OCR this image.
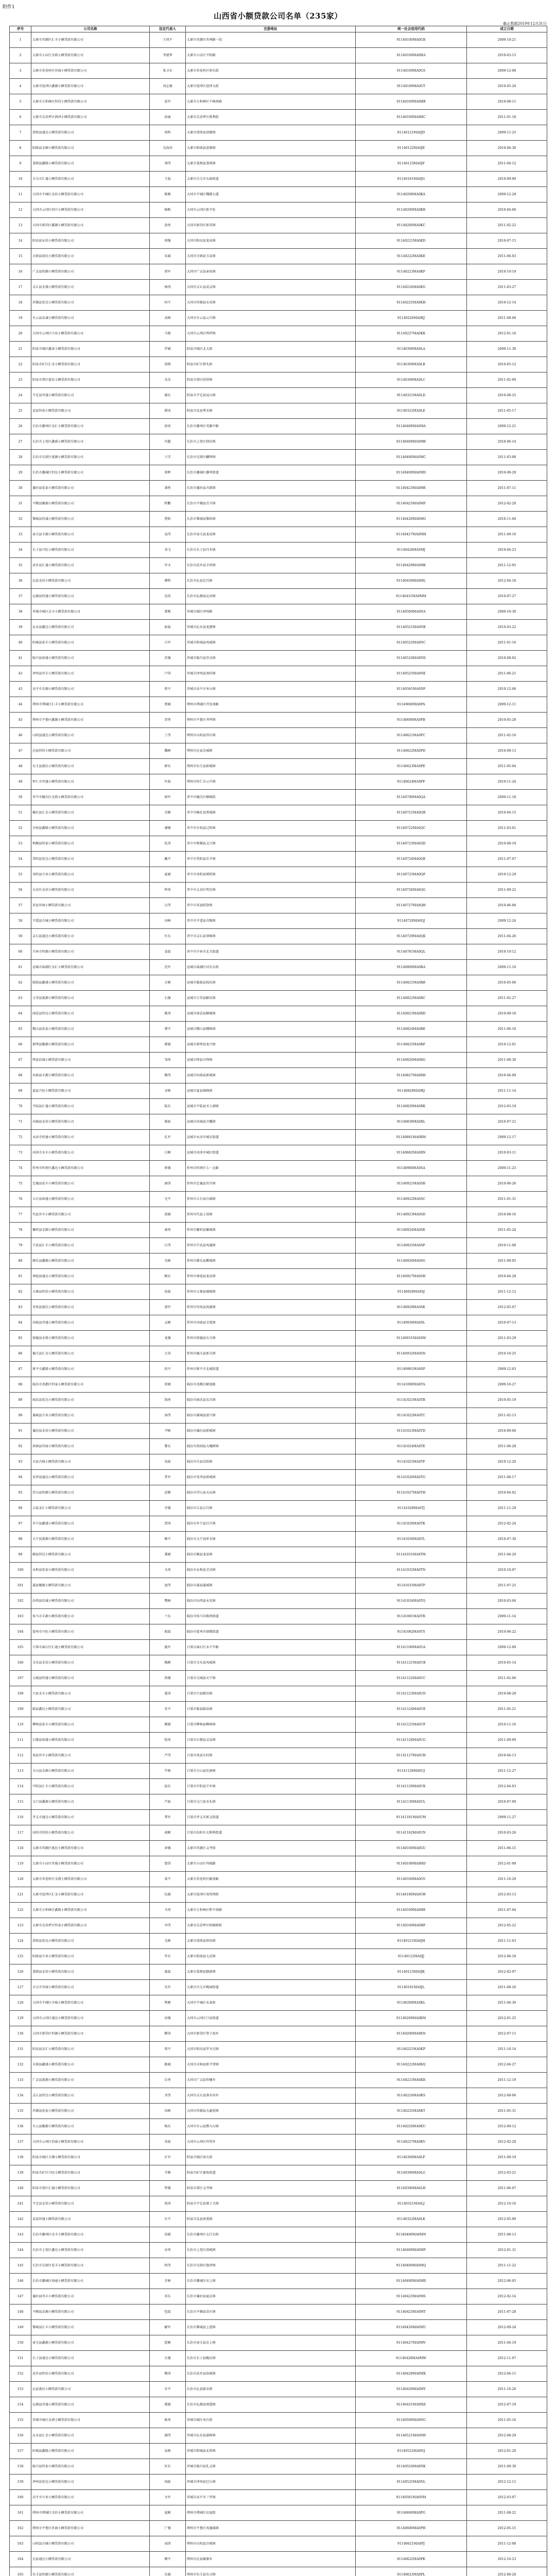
附件1
山西省小额贷款公司名单（235家）
截止数据2019年12月31日
序号	公司名称	法定代表人	注册地址	统一社会信用代码	成立日期
1	太原市晋源区汇丰小额贷款有限公司	王国平	太原市晋源区晋祠路一段	91140100MA0GR	2009-10-21
2	太原市小店区金鼎小额贷款有限公司	李建华	太原市小店区平阳路	91140100MA0HA	2010-03-15
3	太原市杏花岭区晋商小额贷款有限公司	张卫东	太原市杏花岭区府东街	91140100MA0GS	2009-12-08
4	太原市迎泽区鑫源小额贷款有限公司	刘志强	太原市迎泽区迎泽大街	91140100MA0GT	2010-05-20
5	太原市万柏林区恒信小额贷款有限公司	赵军	太原市万柏林区千峰南路	91140100MA0HB	2010-08-11
6	太原市尖草坪区润泽小额贷款有限公司	孙丽	太原市尖草坪区胜利街	91140100MA0HC	2011-01-18
7	清徐县通达小额贷款有限公司	周明	太原市清徐县清源镇	91140121MA0JD	2009-11-25
8	阳曲县金源小额贷款有限公司	吴海涛	太原市阳曲县黄寨镇	91140122MA0JE	2010-06-30
9	娄烦县鑫隆小额贷款有限公司	郑伟	太原市娄烦县娄烦镇	91140123MA0JF	2011-04-12
10	古交市汇通小额贷款有限公司	王磊	太原市古交市东曲街道	91140181MA0JG	2010-09-09
11	大同市平城区金信小额贷款有限公司	陈刚	大同市平城区魏都大道	91140200MA0KA	2009-12-28
12	大同市云冈区同兴小额贷款有限公司	杨帆	大同市云冈区新平旺	91140200MA0KB	2010-04-06
13	大同市新荣区鑫源小额贷款有限公司	黄勇	大同市新荣区新荣镇	91140200MA0KC	2011-02-22
14	阳高县永信小额贷款有限公司	徐强	大同市阳高县龙泉镇	91140221MA0KD	2010-07-15
15	天镇县裕民小额贷款有限公司	朱斌	大同市天镇县玉泉镇	91140222MA0KE	2011-06-03
16	广灵县恒源小额贷款有限公司	胡军	大同市广灵县壶泉镇	91140223MA0KF	2010-10-19
17	灵丘县金盛小额贷款有限公司	林涛	大同市灵丘县武灵镇	91140224MA0KG	2011-03-27
18	浑源县宏达小额贷款有限公司	何平	大同市浑源县永安镇	91140225MA0KH	2010-12-14
19	左云县众诚小额贷款有限公司	高峰	大同市左云县云兴镇	91140226MA0KJ	2011-08-08
20	大同市云州区兴业小额贷款有限公司	马骏	大同市云州区西坪镇	91140227MA0KK	2012-01-16
21	阳泉市城区鑫泰小额贷款有限公司	罗斌	阳泉市城区北大街	91140300MA0LA	2009-11-30
22	阳泉市矿区汇金小额贷款有限公司	梁凯	阳泉市矿区桥头街	91140300MA0LB	2010-05-12
23	阳泉市郊区富民小额贷款有限公司	宋杰	阳泉市郊区荫营镇	91140300MA0LC	2011-02-09
24	平定县晋通小额贷款有限公司	谢东	阳泉市平定县冠山镇	91140321MA0LD	2010-08-25
25	盂县恒泰小额贷款有限公司	韩冰	阳泉市盂县秀水镇	91140322MA0LE	2011-05-17
26	长治市潞州区金汇小额贷款有限公司	唐亮	长治市潞州区英雄中路	91140400MA0MA	2009-12-21
27	长治市上党区鑫盛小额贷款有限公司	冯超	长治市上党区韩店镇	91140400MA0MB	2010-06-14
28	长治市屯留区富源小额贷款有限公司	于洋	长治市屯留区麟绛镇	91140400MA0MC	2011-03-08
29	长治市潞城区恒达小额贷款有限公司	董辉	长治市潞城区潞华街道	91140400MA0MD	2010-09-29
30	襄垣县宏泰小额贷款有限公司	萧然	长治市襄垣县古韩镇	91140423MA0ME	2011-07-11
31	平顺县聚源小额贷款有限公司	程鹏	长治市平顺县青羊镇	91140425MA0MF	2012-02-20
32	黎城县信诚小额贷款有限公司	曹阳	长治市黎城县黎侯镇	91140426MA0MG	2010-11-04
33	壶关县丰源小额贷款有限公司	袁伟	长治市壶关县龙泉镇	91140427MA0MH	2011-09-16
34	长子县兴旺小额贷款有限公司	邓飞	长治市长子县丹朱镇	91140428MA0MJ	2010-04-23
35	武乡县汇通小额贷款有限公司	许文	长治市武乡县丰州镇	91140429MA0MK	2011-12-05
36	沁县金信小额贷款有限公司	傅明	长治市沁县定昌镇	91140430MA0ML	2012-04-18
37	沁源县恒通小额贷款有限公司	沈浩	长治市沁源县沁河镇	91140431MA0MM	2010-07-27
38	晋城市城区金丰小额贷款有限公司	曾刚	晋城市城区泽州路	91140500MA0NA	2009-10-30
39	沁水县鑫达小额贷款有限公司	彭磊	晋城市沁水县龙港镇	91140521MA0NB	2010-03-22
40	阳城县宏丰小额贷款有限公司	吕军	晋城市阳城县凤城镇	91140522MA0NC	2011-01-10
41	陵川县裕通小额贷款有限公司	苏强	晋城市陵川县崇文镇	91140524MA0ND	2010-08-02
42	泽州县晋丰小额贷款有限公司	卢涛	晋城市泽州县南村镇	91140525MA0NE	2011-06-21
43	高平市金源小额贷款有限公司	蒋平	晋城市高平市米山镇	91140581MA0NF	2010-12-06
44	朔州市朔城区汇丰小额贷款有限公司	蔡斌	朔州市朔城区开发南路	91140600MA0PA	2009-12-11
45	朔州市平鲁区鑫源小额贷款有限公司	贾勇	朔州市平鲁区井坪镇	91140600MA0PB	2010-05-28
46	山阴县通达小额贷款有限公司	丁伟	朔州市山阴县岱岳镇	91140621MA0PC	2011-02-16
47	应县恒信小额贷款有限公司	魏峰	朔州市应县金城镇	91140622MA0PD	2010-09-13
48	右玉县富民小额贷款有限公司	薛东	朔州市右玉县新城镇	91140623MA0PE	2011-05-04
49	怀仁市晋通小额贷款有限公司	叶磊	朔州市怀仁市云中镇	91140624MA0PF	2010-11-24
50	晋中市榆次区金鼎小额贷款有限公司	阎军	晋中市榆次区顺城街	91140700MA0QA	2009-11-18
51	榆社县汇金小额贷款有限公司	余刚	晋中市榆社县箕城镇	91140721MA0QB	2010-04-15
52	左权县鑫隆小额贷款有限公司	潘强	晋中市左权县辽阳镇	91140722MA0QC	2011-03-01
53	和顺县恒泰小额贷款有限公司	杜涛	晋中市和顺县义兴镇	91140723MA0QD	2010-08-19
54	昔阳县宏达小额贷款有限公司	戴平	晋中市昔阳县乐平镇	91140724MA0QE	2011-07-07
55	寿阳县兴业小额贷款有限公司	夏斌	晋中市寿阳县朝阳镇	91140725MA0QF	2010-12-29
56	太谷区金信小额贷款有限公司	钟勇	晋中市太谷区明星镇	91140726MA0QG	2011-09-22
57	祁县晋商小额贷款有限公司	汪伟	晋中市祁县昭馀镇	91140727MA0QH	2010-06-08
58	平遥县古城小额贷款有限公司	田峰	晋中市平遥县古陶镇	91140728MA0QJ	2009-12-24
59	灵石县通达小额贷款有限公司	任东	晋中市灵石县翠峰镇	91140729MA0QK	2011-04-26
60	介休市恒源小额贷款有限公司	姜磊	晋中市介休市北关街道	91140781MA0QL	2010-10-12
61	运城市盐湖区金汇小额贷款有限公司	范军	运城市盐湖区河东东街	91140800MA0RA	2009-11-10
62	临猗县鑫盛小额贷款有限公司	方刚	运城市临猗县猗氏镇	91140821MA0RB	2010-05-06
63	万荣县富源小额贷款有限公司	石强	运城市万荣县解店镇	91140822MA0RC	2011-02-27
64	闻喜县恒达小额贷款有限公司	姚涛	运城市闻喜县桐城镇	91140823MA0RD	2010-09-18
65	稷山县宏泰小额贷款有限公司	谭平	运城市稷山县稷峰镇	91140824MA0RE	2011-06-10
66	新绛县聚源小额贷款有限公司	廖斌	运城市新绛县龙兴镇	91140825MA0RF	2010-12-01
67	绛县信诚小额贷款有限公司	邹勇	运城市绛县古绛镇	91140826MA0RG	2011-08-30
68	垣曲县丰源小额贷款有限公司	熊伟	运城市垣曲县新城镇	91140827MA0RH	2010-04-09
69	夏县兴旺小额贷款有限公司	金峰	运城市夏县瑶峰镇	91140828MA0RJ	2011-11-14
70	平陆县汇通小额贷款有限公司	陆东	运城市平陆县圣人涧镇	91140829MA0RK	2012-03-19
71	芮城县金信小额贷款有限公司	郝磊	运城市芮城县古魏镇	91140830MA0RL	2010-07-21
72	永济市恒通小额贷款有限公司	孔军	运城市永济市城东街道	91140881MA0RM	2009-12-17
73	河津市金丰小额贷款有限公司	白刚	运城市河津市城区街道	91140882MA0RN	2010-03-11
74	忻州市忻府区鑫达小额贷款有限公司	崔强	忻州市忻府区七一北路	91140900MA0SA	2009-11-23
75	定襄县宏丰小额贷款有限公司	康涛	忻州市定襄县晋昌镇	91140921MA0SB	2010-06-26
76	五台县裕通小额贷款有限公司	毛平	忻州市五台县台城镇	91140922MA0SC	2011-01-31
77	代县晋丰小额贷款有限公司	邱斌	忻州市代县上馆镇	91140923MA0SD	2010-08-16
78	繁峙县金源小额贷款有限公司	秦勇	忻州市繁峙县繁城镇	91140924MA0SE	2011-05-24
79	宁武县汇丰小额贷款有限公司	江伟	忻州市宁武县凤凰镇	91140925MA0SF	2010-11-08
80	静乐县鑫源小额贷款有限公司	史峰	忻州市静乐县鹅城镇	91140926MA0SG	2011-09-05
81	神池县通达小额贷款有限公司	顾东	忻州市神池县龙泉镇	91140927MA0SH	2010-04-28
82	五寨县恒信小额贷款有限公司	侯磊	忻州市五寨县砚城镇	91140928MA0SJ	2011-12-12
83	岢岚县富民小额贷款有限公司	邵军	忻州市岢岚县岚漪镇	91140929MA0SK	2012-05-07
84	河曲县晋通小额贷款有限公司	孟刚	忻州市河曲县文笔镇	91140930MA0SL	2010-07-13
85	保德县金鼎小额贷款有限公司	龙强	忻州市保德县东关镇	91140931MA0SM	2011-03-29
86	偏关县汇金小额贷款有限公司	万涛	忻州市偏关县新关镇	91140932MA0SN	2010-10-25
87	原平市鑫隆小额贷款有限公司	段平	忻州市原平市北城街道	91140981MA0SP	2009-12-03
88	临汾市尧都区恒泰小额贷款有限公司	雷斌	临汾市尧都区解放路	91141000MA0TA	2009-10-27
89	曲沃县宏达小额贷款有限公司	钱勇	临汾市曲沃县乐昌镇	91141021MA0TB	2010-05-19
90	翼城县兴业小额贷款有限公司	汤伟	临汾市翼城县唐兴镇	91141022MA0TC	2011-02-13
91	襄汾县金信小额贷款有限公司	尹峰	临汾市襄汾县新城镇	91141023MA0TD	2010-09-06
92	洪洞县晋商小额贷款有限公司	黎东	临汾市洪洞县大槐树镇	91141024MA0TE	2011-06-28
93	古县古城小额贷款有限公司	易磊	临汾市古县岳阳镇	91141025MA0TF	2010-12-20
94	安泽县通达小额贷款有限公司	常军	临汾市安泽县府城镇	91141026MA0TG	2011-08-17
95	浮山县恒源小额贷款有限公司	武刚	临汾市浮山县天坛镇	91141027MA0TH	2010-04-02
96	吉县金汇小额贷款有限公司	乔强	临汾市吉县吉昌镇	91141028MA0TJ	2011-11-29
97	乡宁县鑫盛小额贷款有限公司	贺涛	临汾市乡宁县昌宁镇	91141029MA0TK	2012-02-24
98	大宁县富源小额贷款有限公司	赖平	临汾市大宁县昕水镇	91141030MA0TL	2010-07-30
99	隰县恒达小额贷款有限公司	龚斌	临汾市隰县龙泉镇	91141031MA0TM	2011-04-20
100	永和县宏泰小额贷款有限公司	文勇	临汾市永和县芝河镇	91141032MA0TN	2010-10-07
101	蒲县聚源小额贷款有限公司	庞伟	临汾市蒲县蒲城镇	91141033MA0TP	2011-07-25
102	汾西县信诚小额贷款有限公司	樊峰	临汾市汾西县永安镇	91141034MA0TQ	2010-03-04
103	侯马市丰源小额贷款有限公司	兰东	临汾市侯马市路西街道	91141081MA0TR	2009-11-14
104	霍州市兴旺小额贷款有限公司	殷磊	临汾市霍州市鼓楼街道	91141082MA0TS	2010-06-22
105	吕梁市离石区汇通小额贷款有限公司	施军	吕梁市离石区永宁中路	91141100MA0UA	2009-12-09
106	文水县金信小额贷款有限公司	陶刚	吕梁市文水县凤城镇	91141121MA0UB	2010-05-14
107	交城县恒通小额贷款有限公司	洪强	吕梁市交城县天宁镇	91141122MA0UC	2011-02-06
108	兴县金丰小额贷款有限公司	翟涛	吕梁市兴县蔚汾镇	91141123MA0UD	2010-08-28
109	临县鑫达小额贷款有限公司	安平	吕梁市临县临泉镇	91141124MA0UE	2011-05-21
110	柳林县宏丰小额贷款有限公司	颜斌	吕梁市柳林县柳林镇	91141125MA0UF	2010-11-16
111	石楼县裕通小额贷款有限公司	倪勇	吕梁市石楼县灵泉镇	91141126MA0UG	2011-09-09
112	岚县晋丰小额贷款有限公司	严伟	吕梁市岚县东村镇	91141127MA0UH	2010-04-13
113	方山县金源小额贷款有限公司	牛峰	吕梁市方山县圪洞镇	91141128MA0UJ	2011-12-27
114	中阳县汇丰小额贷款有限公司	温东	吕梁市中阳县宁乡镇	91141129MA0UK	2012-04-03
115	交口县鑫源小额贷款有限公司	芦磊	吕梁市交口县水头镇	91141130MA0UL	2010-07-09
116	孝义市通达小额贷款有限公司	季军	吕梁市孝义市新义街道	91141181MA0UM	2009-11-27
117	汾阳市恒信小额贷款有限公司	俞刚	吕梁市汾阳市太和桥街道	91141182MA0UN	2010-03-26
118	太原市晋源区富民小额贷款有限公司	章强	太原市晋源区义井街	91140100MA0GU	2011-06-15
119	太原市小店区晋通小额贷款有限公司	鲁涛	太原市小店区坞城路	91140100MA0HD	2012-01-09
120	太原市杏花岭区金鼎小额贷款有限公司	葛平	太原市杏花岭区解放路	91140100MA0GV	2011-10-20
121	太原市迎泽区汇金小额贷款有限公司	伍斌	太原市迎泽区双塔西街	91140100MA0GW	2012-03-13
122	太原市万柏林区鑫隆小额贷款有限公司	韦勇	太原市万柏林区和平南路	91140100MA0HE	2011-07-04
123	太原市尖草坪区恒泰小额贷款有限公司	申伟	太原市尖草坪区柏杨树街	91140100MA0HF	2012-05-22
124	清徐县宏达小额贷款有限公司	尤峰	太原市清徐县徐沟镇	91140121MA0JH	2011-11-03
125	阳曲县兴业小额贷款有限公司	毕东	太原市阳曲县大盂镇	91140122MA0JJ	2012-06-18
126	娄烦县金信小额贷款有限公司	聂磊	太原市娄烦县静游镇	91140123MA0JK	2012-02-07
127	古交市晋商小额贷款有限公司	丛军	太原市古交市桃园街道	91140181MA0JL	2011-08-26
128	大同市平城区古城小额贷款有限公司	焦刚	大同市平城区永泰街	91140200MA0KL	2011-04-30
129	大同市云冈区通达小额贷款有限公司	向强	大同市云冈区口泉街道	91140200MA0KM	2012-01-25
130	大同市新荣区恒源小额贷款有限公司	柳涛	大同市新荣区堡子湾乡	91140200MA0KN	2012-07-11
131	阳高县金汇小额贷款有限公司	邢平	大同市阳高县罗文皂镇	91140221MA0KP	2011-10-14
132	天镇县鑫盛小额贷款有限公司	路斌	大同市天镇县新平堡镇	91140222MA0KQ	2012-04-27
133	广灵县富源小额贷款有限公司	岳勇	大同市广灵县作疃乡	91140223MA0KR	2011-12-19
134	灵丘县恒达小额贷款有限公司	齐伟	大同市灵丘县落水河乡	91140224MA0KS	2012-08-06
135	浑源县宏泰小额贷款有限公司	沿峰	大同市浑源县大磁窑镇	91140225MA0KT	2011-05-31
136	左云县聚源小额贷款有限公司	梅东	大同市左云县鹊儿山镇	91140226MA0KU	2012-09-12
137	大同市云州区信诚小额贷款有限公司	莫磊	大同市云州区许堡乡	91140227MA0KV	2012-02-28
138	阳泉市城区丰源小额贷款有限公司	庄军	阳泉市城区南大街	91140300MA0LF	2011-09-19
139	阳泉市矿区兴旺小额贷款有限公司	辛刚	阳泉市矿区赛鱼街道	91140300MA0LG	2012-03-21
140	阳泉市郊区汇通小额贷款有限公司	管强	阳泉市郊区义井镇	91140300MA0LH	2011-06-07
141	平定县金信小额贷款有限公司	祝涛	阳泉市平定县娘子关镇	91140321MA0LJ	2012-10-16
142	盂县恒通小额贷款有限公司	左平	阳泉市盂县南娄镇	91140322MA0LK	2012-05-09
143	长治市潞州区金丰小额贷款有限公司	涂斌	长治市潞州区太行东街	91140400MA0MN	2011-08-13
144	长治市上党区鑫达小额贷款有限公司	谷勇	长治市上党区荫城镇	91140400MA0MP	2012-01-31
145	长治市屯留区宏丰小额贷款有限公司	时伟	长治市屯留区渔泽镇	91140400MA0MQ	2011-11-22
146	长治市潞城区裕通小额贷款有限公司	甘峰	长治市潞城区店上镇	91140400MA0MR	2012-06-05
147	襄垣县晋丰小额贷款有限公司	祁东	长治市襄垣县夏店镇	91140423MA0MS	2012-02-14
148	平顺县金源小额贷款有限公司	包磊	长治市平顺县苗庄镇	91140425MA0MT	2011-07-28
149	黎城县汇丰小额贷款有限公司	解军	长治市黎城县上遥镇	91140426MA0MU	2012-09-24
150	壶关县鑫源小额贷款有限公司	霍刚	长治市壶关县店上镇	91140427MA0MV	2011-04-19
151	长子县通达小额贷款有限公司	东强	长治市长子县鲍店镇	91140428MA0MW	2012-11-07
152	武乡县恒信小额贷款有限公司	衡涛	长治市武乡县故城镇	91140429MA0MX	2012-04-11
153	沁县富民小额贷款有限公司	步平	长治市沁县新店镇	91140430MA0MY	2011-10-26
154	沁源县晋通小额贷款有限公司	都斌	长治市沁源县郭道镇	91140431MA0MZ	2012-07-19
155	晋城市城区金鼎小额贷款有限公司	耿勇	晋城市城区凤台街	91140500MA0NG	2011-05-16
156	沁水县汇金小额贷款有限公司	满伟	晋城市沁水县嘉峰镇	91140521MA0NH	2012-08-29
157	阳城县鑫隆小额贷款有限公司	弘峰	晋城市阳城县北留镇	91140522MA0NJ	2012-01-20
158	陵川县恒泰小额贷款有限公司	匡东	晋城市陵川县礼义镇	91140524MA0NK	2011-09-30
159	泽州县宏达小额贷款有限公司	国磊	晋城市泽州县巴公镇	91140525MA0NL	2012-12-11
160	高平市兴业小额贷款有限公司	文军	晋城市高平市三甲镇	91140581MA0NM	2012-03-07
161	朔州市朔城区金信小额贷款有限公司	寇刚	朔州市朔城区民福街	91140600MA0PG	2011-08-22
162	朔州市平鲁区晋商小额贷款有限公司	广强	朔州市平鲁区凤凰城镇	91140600MA0PH	2012-05-15
163	山阴县古城小额贷款有限公司	禄涛	朔州市山阴县古城镇	91140621MA0PJ	2011-12-08
164	应县通达小额贷款有限公司	阙平	朔州市应县臧寨乡	91140622MA0PK	2012-10-23
165	右玉县恒源小额贷款有限公司	东斌	朔州市右玉县右卫镇	91140623MA0PL	2012-06-26
